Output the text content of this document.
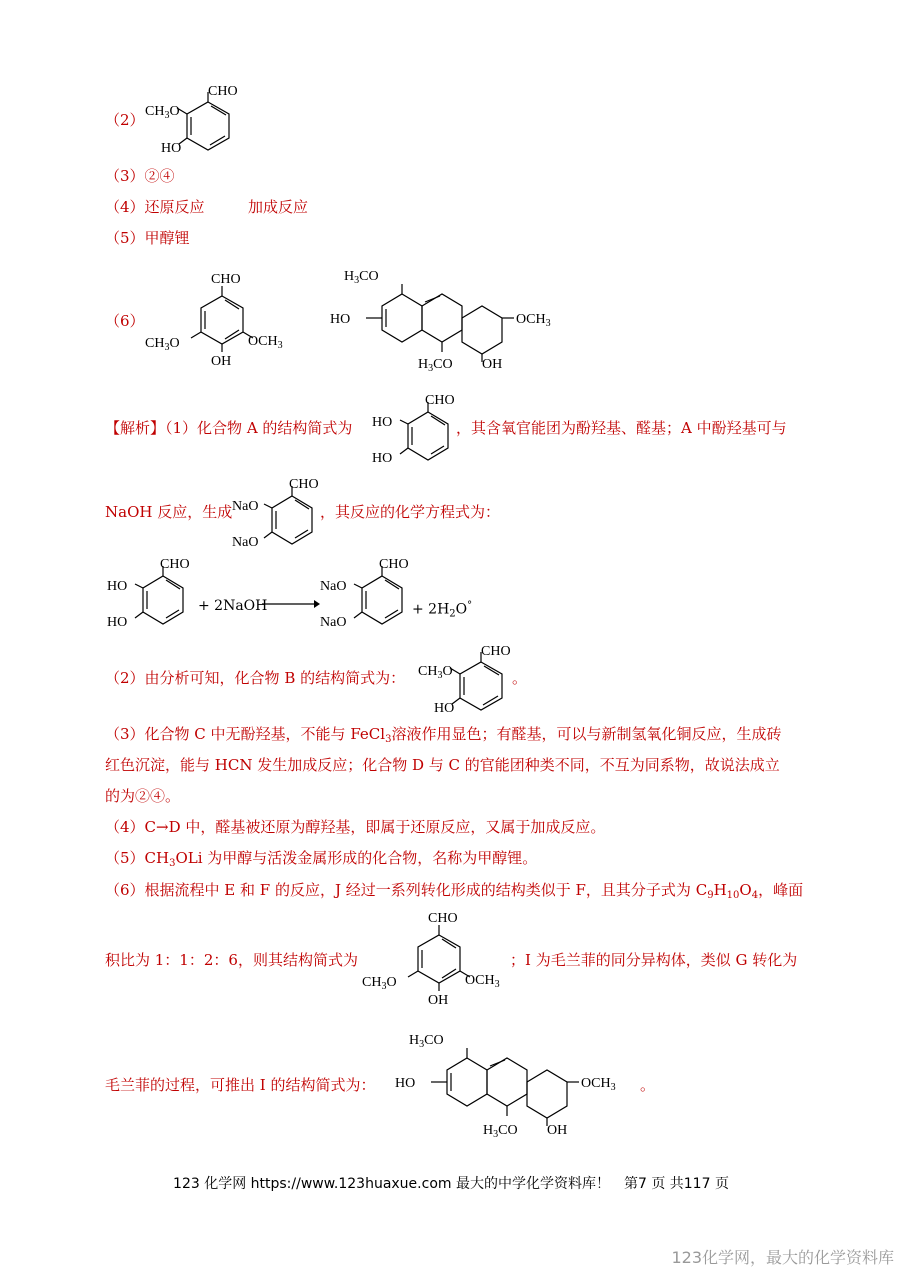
（2）
CHO
$CH_3O$
HO
（3）②④
（4）还原反应	加成反应
（5）甲醇锂
（6）
CHO
$CH_3O$	$OCH_3$
OH
$H_3CO$
HO	$OCH_3$
$H_3CO$ OH
【解析】（1）化合物 A 的结构简式为
CHO
HO
HO
，其含氧官能团为酚羟基、醛基；A 中酚羟基可与
NaOH 反应，生成
CHO
NaO
NaO
，其反应的化学方程式为：
CHO
HO
HO
+ 2NaOH
CHO
NaO
NaO
+ $2H_2O^\circ$
（2）由分析可知，化合物 B 的结构简式为：
CHO
$CH_3O$
HO
。
（3）化合物 C 中无酚羟基，不能与 FeCl$_3$溶液作用显色；有醛基，可以与新制氢氧化铜反应，生成砖
红色沉淀，能与 HCN 发生加成反应；化合物 D 与 C 的官能团种类不同，不互为同系物，故说法成立
的为②④。
（4）C→D 中，醛基被还原为醇羟基，即属于还原反应，又属于加成反应。
$(5)CH_3OLi$ 为甲醇与活泼金属形成的化合物，名称为甲醇锂。
（6）根据流程中 E 和 F 的反应，J 经过一系列转化形成的结构类似于 F，且其分子式为 $C_9H_{10}O_4$，峰面
积比为 1：1：2：6，则其结构简式为
CHO
$CH_3O$	$OCH_3$
OH
；I 为毛兰菲的同分异构体，类似 G 转化为
毛兰菲的过程，可推出 I 的结构简式为：
$H_3CO$
HO	$OCH_3$
$H_3CO$ OH
。
123 化学网 https://www.123huaxue.com 最大的中学化学资料库！　第7 页 共117 页
123化学网，最大的化学资料库
